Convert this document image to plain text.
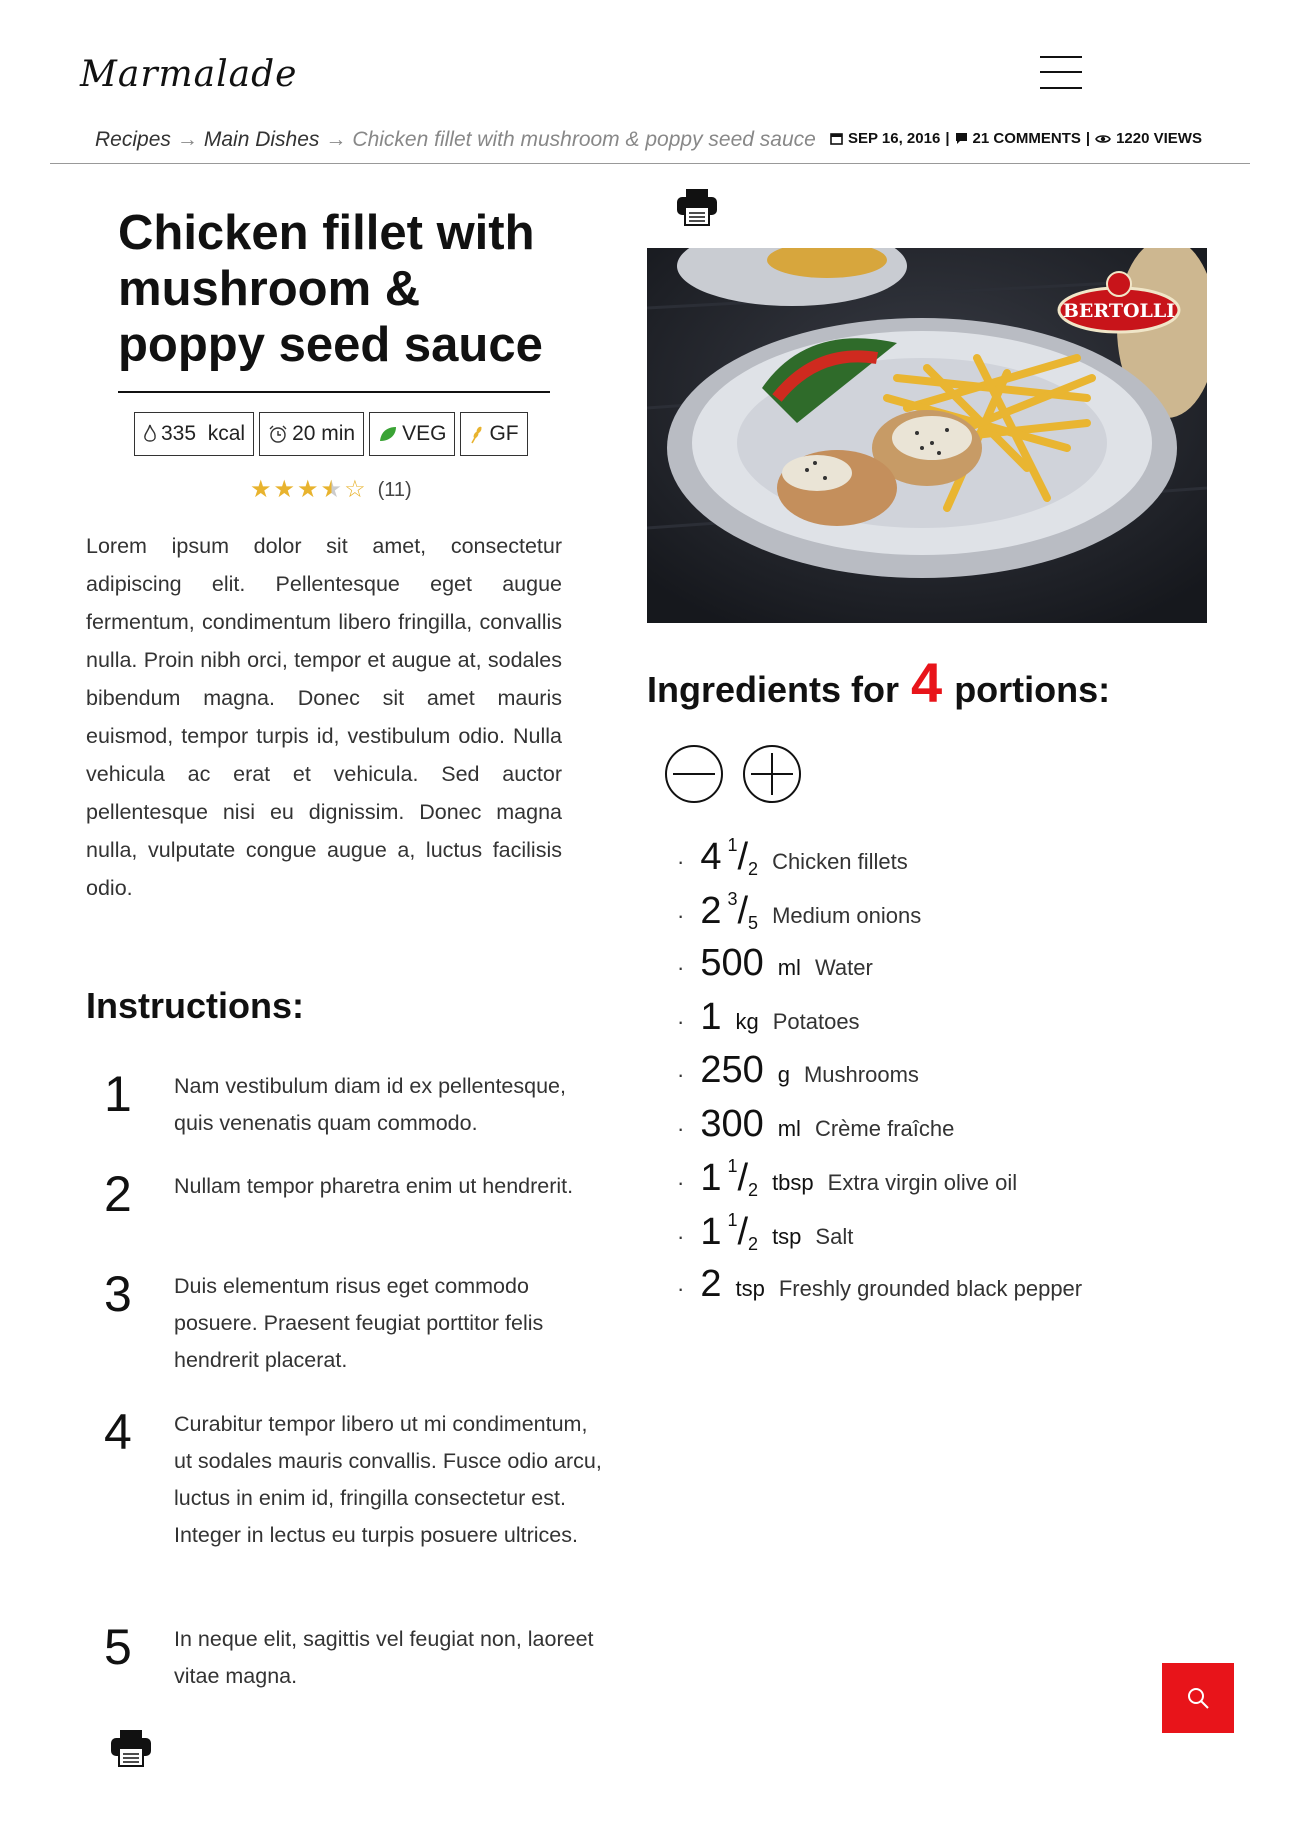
Marmalade
Recipes → Main Dishes → Chicken fillet with mushroom & poppy seed sauce SEP 16, 2016 | 21 COMMENTS | 1220 VIEWS
Chicken fillet with mushroom & poppy seed sauce
335  kcal 20 min VEG GF
★ ★ ★ ★ ☆ (11)

Lorem ipsum dolor sit amet, consectetur adipiscing elit. Pellentesque eget augue fermentum, condimentum libero fringilla, convallis nulla. Proin nibh orci, tempor et augue at, sodales bibendum magna. Donec sit amet mauris euismod, tempor turpis id, vestibulum odio. Nulla vehicula ac erat et vehicula. Sed auctor pellentesque nisi eu dignissim. Donec magna nulla, vulputate congue augue a, luctus facilisis odio.

Instructions:
1 Nam vestibulum diam id ex pellentesque, quis venenatis quam commodo.
2 Nullam tempor pharetra enim ut hendrerit.
3 Duis elementum risus eget commodo posuere. Praesent feugiat porttitor felis hendrerit placerat.
4 Curabitur tempor libero ut mi condimentum, ut sodales mauris convallis. Fusce odio arcu, luctus in enim id, fringilla consectetur est. Integer in lectus eu turpis posuere ultrices.
5 In neque elit, sagittis vel feugiat non, laoreet vitae magna.
BERTOLLI
Ingredients for 4 portions:
· 4 $^1/_2$ Chicken fillets
· 2 $^3/_5$ Medium onions
· 500 ml Water
· 1 kg Potatoes
· 250 g Mushrooms
· 300 ml Crème fraîche
· 1 $^1/_2$ tbsp Extra virgin olive oil
· 1 $^1/_2$ tsp Salt
· 2 tsp Freshly grounded black pepper
